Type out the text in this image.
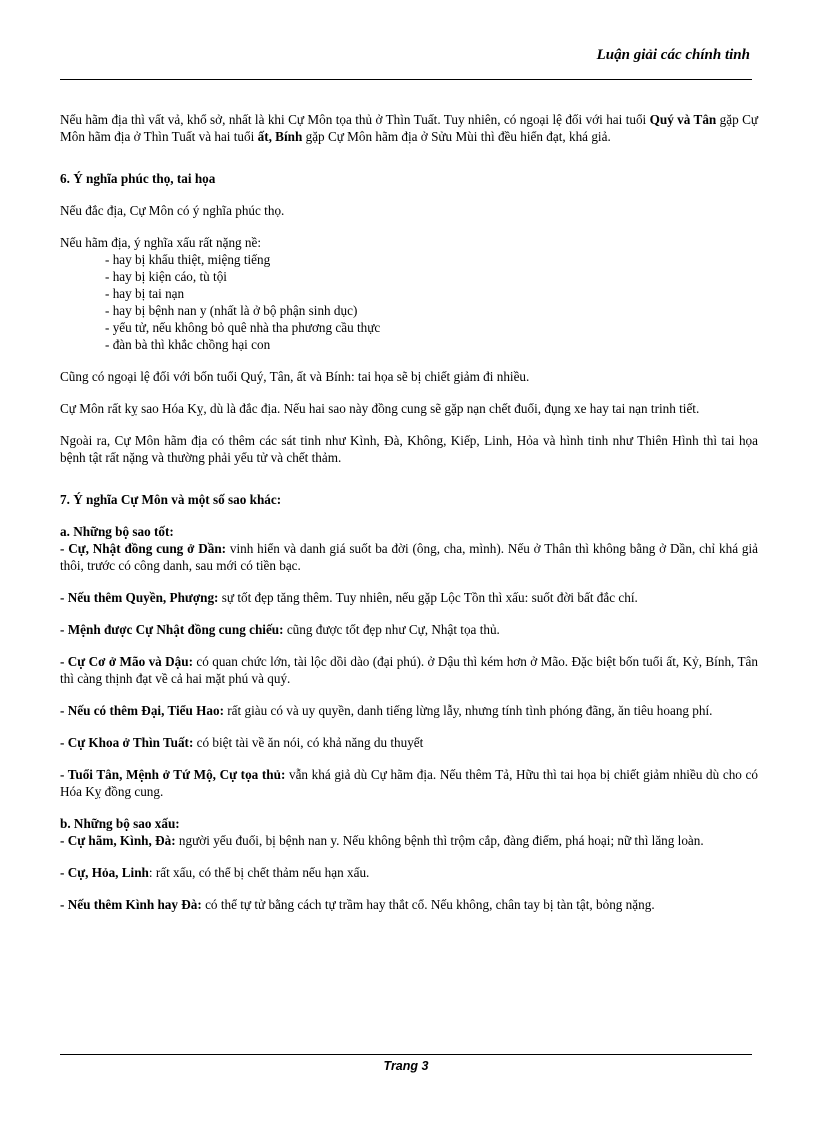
Luận giải các chính tinh

Nếu hãm địa thì vất vả, khổ sở, nhất là khi Cự Môn tọa thủ ở Thìn Tuất. Tuy nhiên, có ngoại lệ đối với hai tuổi Quý và Tân gặp Cự Môn hãm địa ở Thìn Tuất và hai tuổi ất, Bính gặp Cự Môn hãm địa ở Sửu Mùi thì đều hiển đạt, khá giả.

6. Ý nghĩa phúc thọ, tai họa

Nếu đắc địa, Cự Môn có ý nghĩa phúc thọ.

Nếu hãm địa, ý nghĩa xấu rất nặng nề:

- hay bị khẩu thiệt, miệng tiếng
- hay bị kiện cáo, tù tội
- hay bị tai nạn
- hay bị bệnh nan y (nhất là ở bộ phận sinh dục)
- yểu tử, nếu không bỏ quê nhà tha phương cầu thực
- đàn bà thì khắc chồng hại con

Cũng có ngoại lệ đối với bốn tuổi Quý, Tân, ất và Bính: tai họa sẽ bị chiết giảm đi nhiều.

Cự Môn rất kỵ sao Hóa Kỵ, dù là đắc địa. Nếu hai sao này đồng cung sẽ gặp nạn chết đuối, đụng xe hay tai nạn trinh tiết.

Ngoài ra, Cự Môn hãm địa có thêm các sát tinh như Kình, Đà, Không, Kiếp, Linh, Hỏa và hình tinh như Thiên Hình thì tai họa bệnh tật rất nặng và thường phải yểu tử và chết thảm.

7. Ý nghĩa Cự Môn và một số sao khác:

a. Những bộ sao tốt:

- Cự, Nhật đồng cung ở Dần: vinh hiển và danh giá suốt ba đời (ông, cha, mình). Nếu ở Thân thì không bằng ở Dần, chỉ khá giả thôi, trước có công danh, sau mới có tiền bạc.

- Nếu thêm Quyền, Phượng: sự tốt đẹp tăng thêm. Tuy nhiên, nếu gặp Lộc Tồn thì xấu: suốt đời bất đắc chí.

- Mệnh được Cự Nhật đồng cung chiếu: cũng được tốt đẹp như Cự, Nhật tọa thủ.

- Cự Cơ ở Mão và Dậu: có quan chức lớn, tài lộc dồi dào (đại phú). ở Dậu thì kém hơn ở Mão. Đặc biệt bốn tuổi ất, Kỷ, Bính, Tân thì càng thịnh đạt về cả hai mặt phú và quý.

- Nếu có thêm Đại, Tiểu Hao: rất giàu có và uy quyền, danh tiếng lừng lẫy, nhưng tính tình phóng đãng, ăn tiêu hoang phí.

- Cự Khoa ở Thìn Tuất: có biệt tài về ăn nói, có khả năng du thuyết

- Tuổi Tân, Mệnh ở Tứ Mộ, Cự tọa thủ: vẫn khá giả dù Cự hãm địa. Nếu thêm Tả, Hữu thì tai họa bị chiết giảm nhiều dù cho có Hóa Kỵ đồng cung.

b. Những bộ sao xấu:

- Cự hãm, Kình, Đà: người yếu đuối, bị bệnh nan y. Nếu không bệnh thì trộm cắp, đàng điếm, phá hoại; nữ thì lăng loàn.

- Cự, Hỏa, Linh: rất xấu, có thể bị chết thảm nếu hạn xấu.

- Nếu thêm Kình hay Đà: có thể tự tử bằng cách tự trầm hay thắt cổ. Nếu không, chân tay bị tàn tật, bỏng nặng.

Trang 3
